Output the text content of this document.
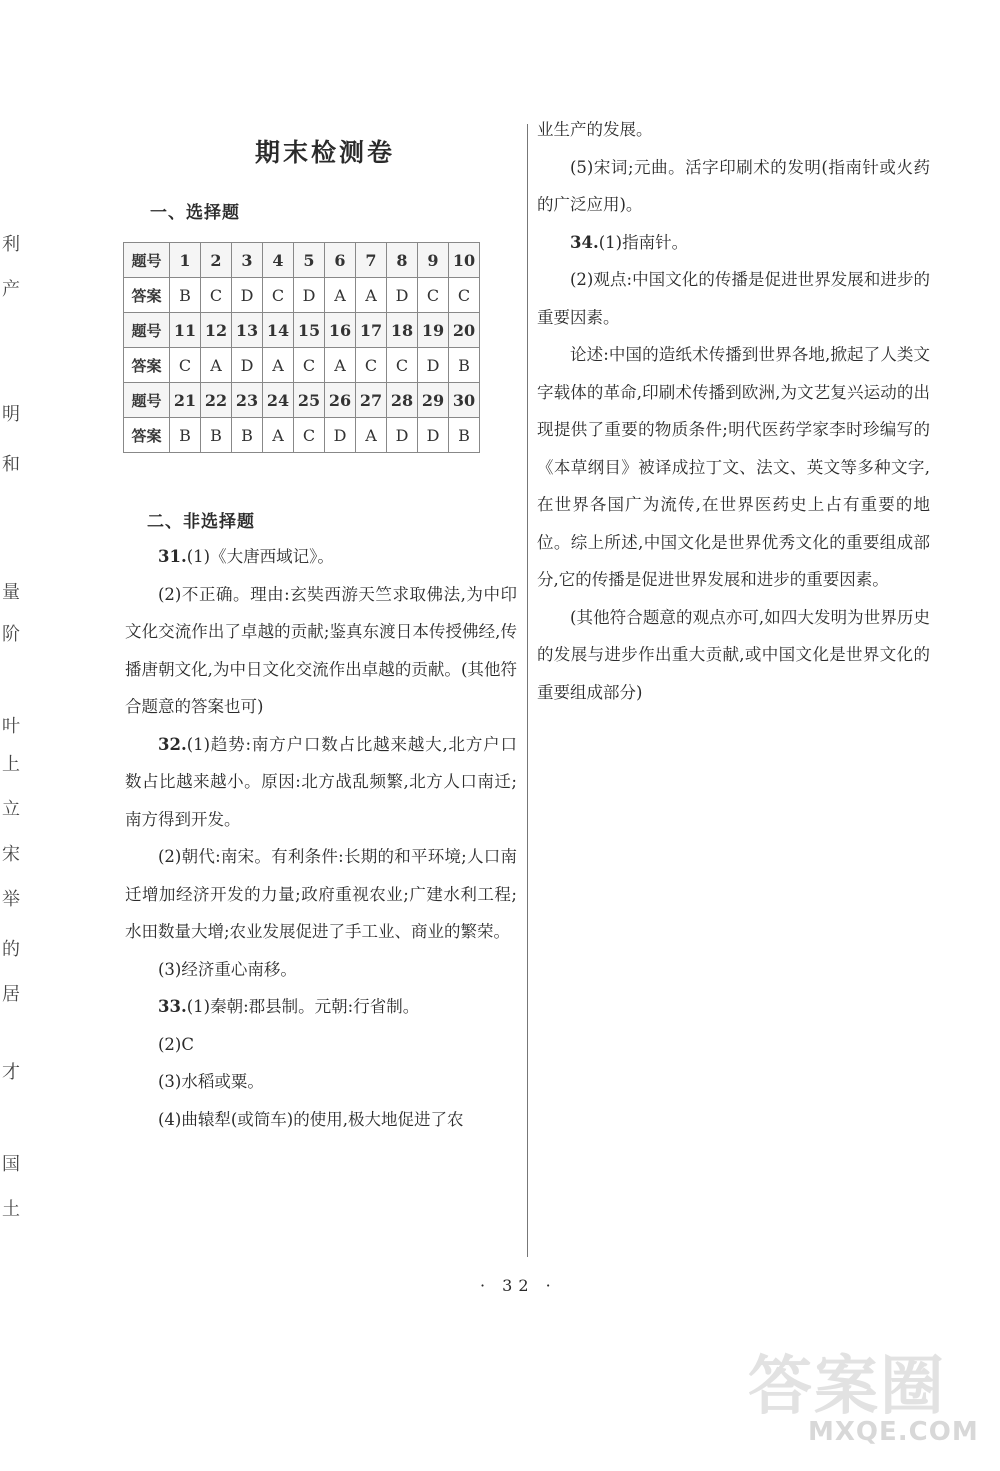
利
产
明
和
量
阶
叶
上
立
宋
举
的
居
才
国
土
期末检测卷
一、选择题
题号	1	2	3	4	5	6	7	8	9	10
答案	B	C	D	C	D	A	A	D	C	C
题号	11	12	13	14	15	16	17	18	19	20
答案	C	A	D	A	C	A	C	C	D	B
题号	21	22	23	24	25	26	27	28	29	30
答案	B	B	B	A	C	D	A	D	D	B
二、非选择题

31.(1)《大唐西域记》。

(2)不正确。理由:玄奘西游天竺求取佛法,为中印文化交流作出了卓越的贡献;鉴真东渡日本传授佛经,传播唐朝文化,为中日文化交流作出卓越的贡献。(其他符合题意的答案也可)

32.(1)趋势:南方户口数占比越来越大,北方户口数占比越来越小。原因:北方战乱频繁,北方人口南迁;南方得到开发。

(2)朝代:南宋。有利条件:长期的和平环境;人口南迁增加经济开发的力量;政府重视农业;广建水利工程;水田数量大增;农业发展促进了手工业、商业的繁荣。

(3)经济重心南移。

33.(1)秦朝:郡县制。元朝:行省制。

(2)C

(3)水稻或粟。

(4)曲辕犁(或筒车)的使用,极大地促进了农

业生产的发展。

(5)宋词;元曲。活字印刷术的发明(指南针或火药的广泛应用)。

34.(1)指南针。

(2)观点:中国文化的传播是促进世界发展和进步的重要因素。

论述:中国的造纸术传播到世界各地,掀起了人类文字载体的革命,印刷术传播到欧洲,为文艺复兴运动的出现提供了重要的物质条件;明代医药学家李时珍编写的《本草纲目》被译成拉丁文、法文、英文等多种文字,在世界各国广为流传,在世界医药史上占有重要的地位。综上所述,中国文化是世界优秀文化的重要组成部分,它的传播是促进世界发展和进步的重要因素。

(其他符合题意的观点亦可,如四大发明为世界历史的发展与进步作出重大贡献,或中国文化是世界文化的重要组成部分)

· 32 ·
答案圈
MXQE.COM
